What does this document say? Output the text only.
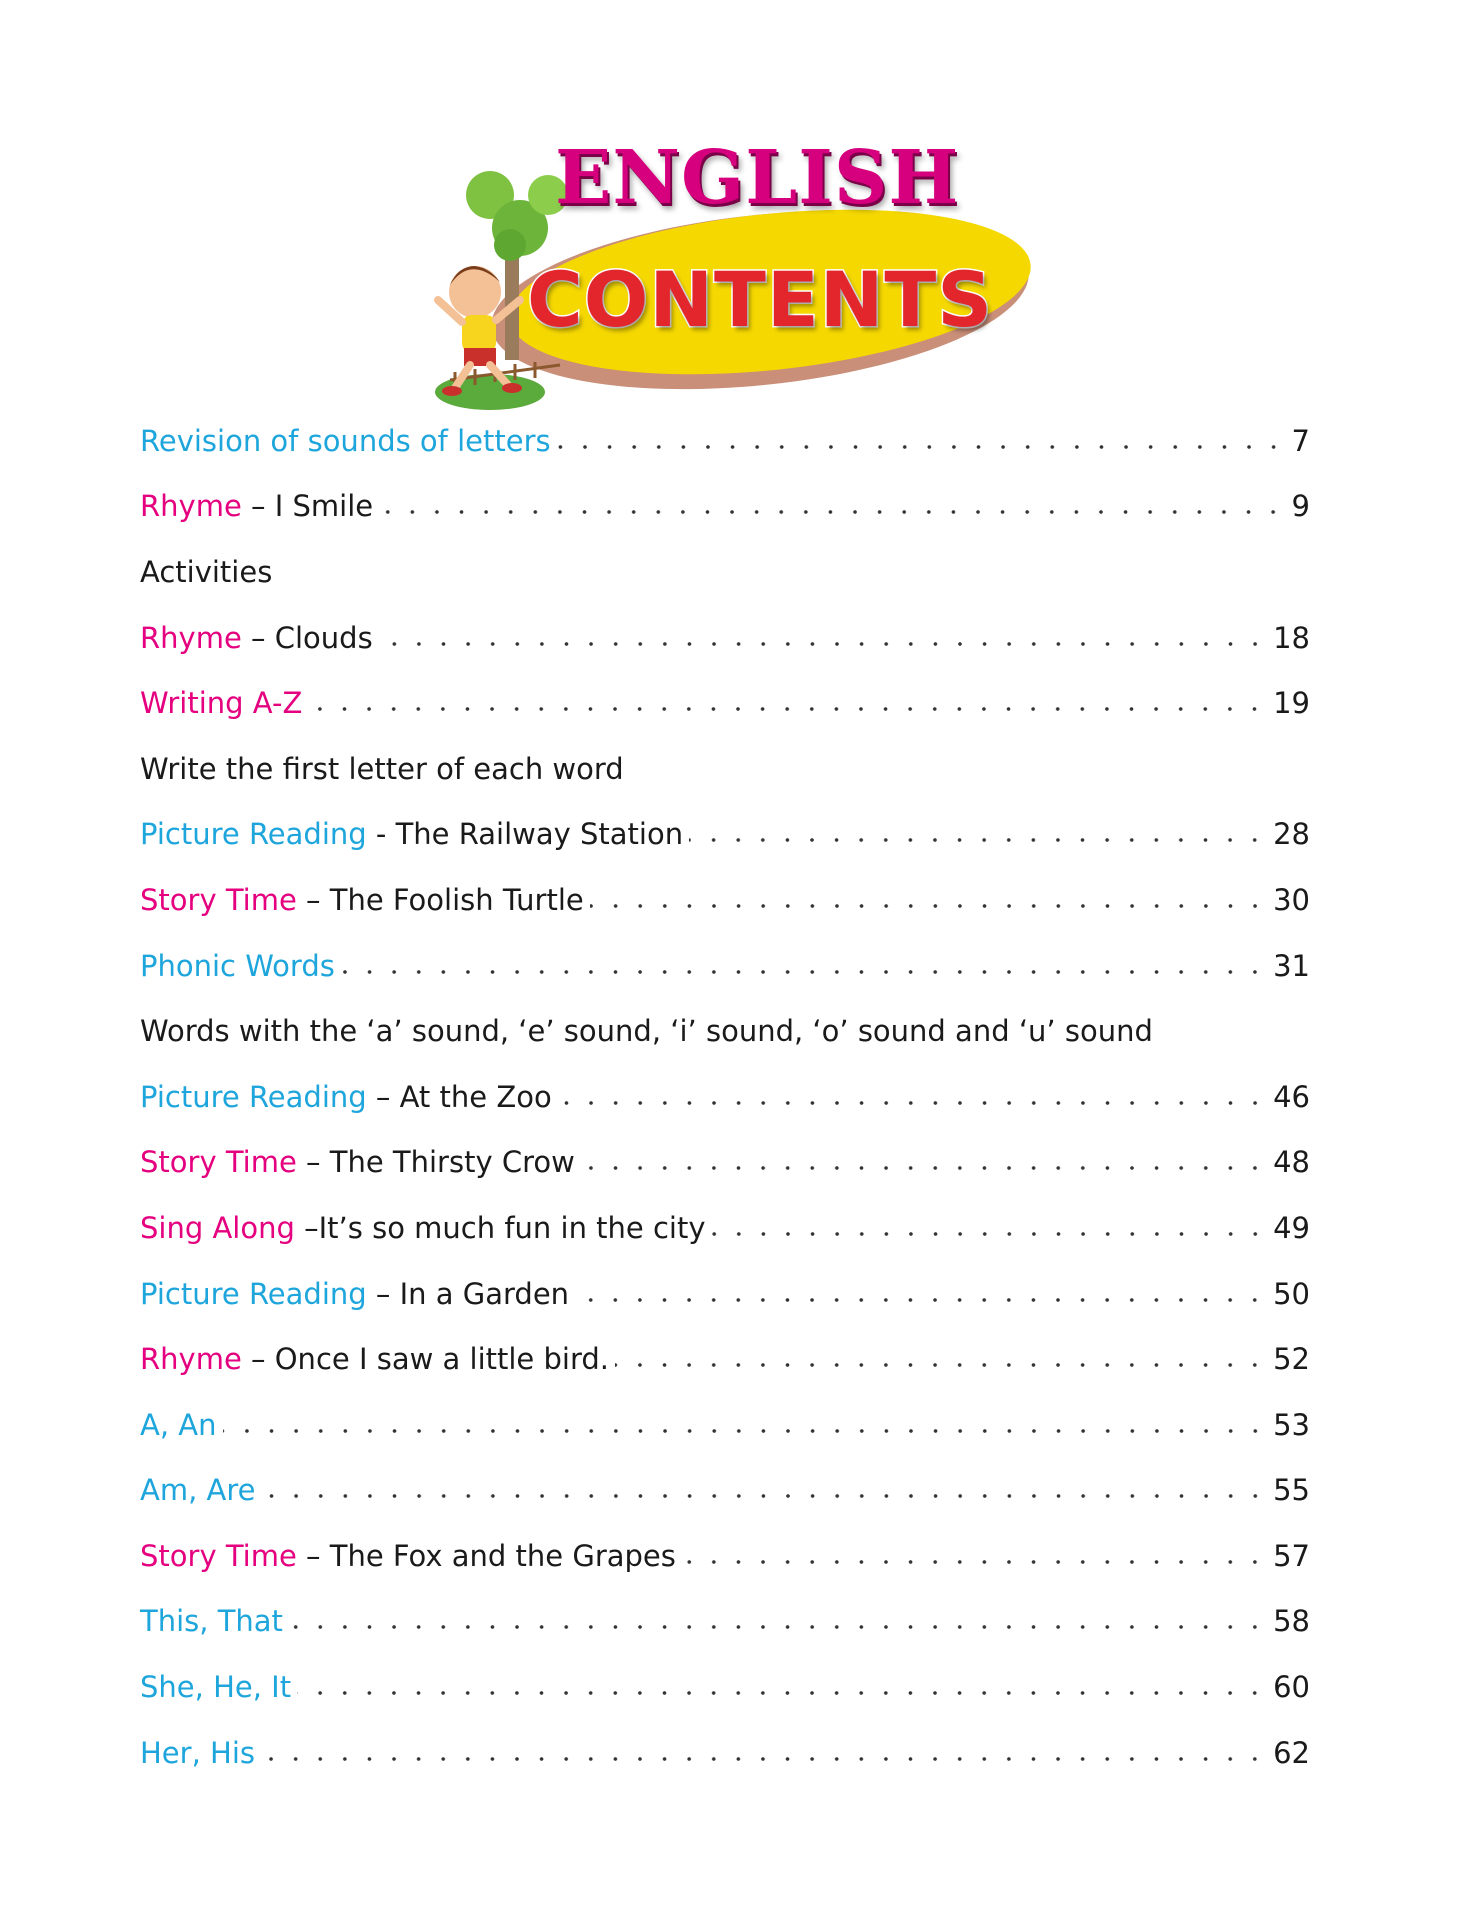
ENGLISH
CONTENTS
Revision of sounds of letters	7
Rhyme – I Smile	9
Activities
Rhyme – Clouds	18
Writing A-Z	19
Write the first letter of each word
Picture Reading - The Railway Station	28
Story Time – The Foolish Turtle	30
Phonic Words	31
Words with the ‘a’ sound, ‘e’ sound, ‘i’ sound, ‘o’ sound and ‘u’ sound
Picture Reading – At the Zoo	46
Story Time – The Thirsty Crow	48
Sing Along –It’s so much fun in the city	49
Picture Reading – In a Garden	50
Rhyme – Once I saw a little bird.	52
A, An	53
Am, Are	55
Story Time – The Fox and the Grapes	57
This, That	58
She, He, It	60
Her, His	62
